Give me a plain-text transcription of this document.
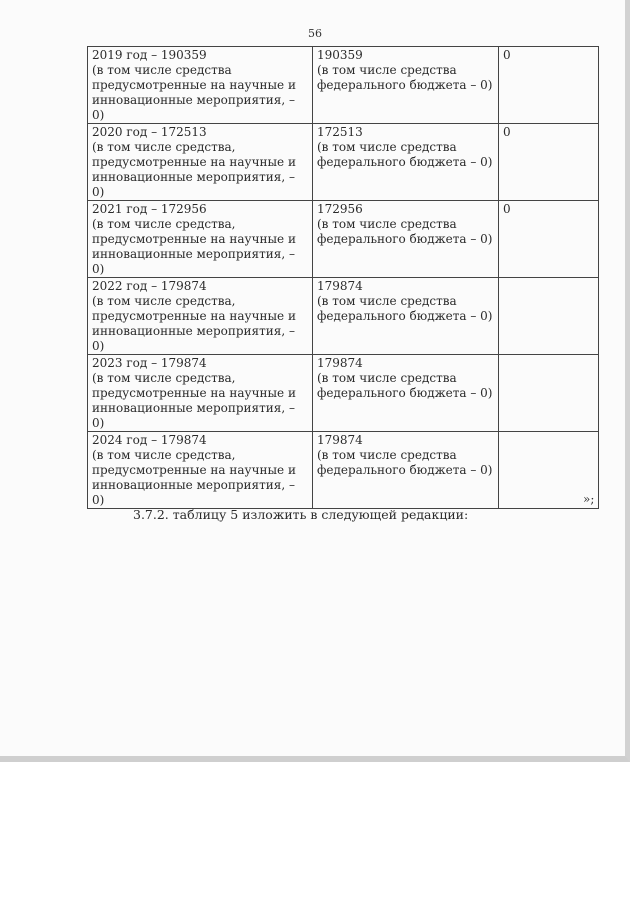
56
2019 год – 190359
(в том числе средства
предусмотренные на научные и
инновационные мероприятия, –
0)	190359
(в том числе средства
федерального бюджета – 0)	0

2020 год – 172513
(в том числе средства,
предусмотренные на научные и
инновационные мероприятия, –
0)	172513
(в том числе средства
федерального бюджета – 0)	0

2021 год – 172956
(в том числе средства,
предусмотренные на научные и
инновационные мероприятия, –
0)	172956
(в том числе средства
федерального бюджета – 0)	0

2022 год – 179874
(в том числе средства,
предусмотренные на научные и
инновационные мероприятия, –
0)	179874
(в том числе средства
федерального бюджета – 0)	

2023 год – 179874
(в том числе средства,
предусмотренные на научные и
инновационные мероприятия, –
0)	179874
(в том числе средства
федерального бюджета – 0)	

2024 год – 179874
(в том числе средства,
предусмотренные на научные и
инновационные мероприятия, –
0)	179874
(в том числе средства
федерального бюджета – 0)	

»;
3.7.2. таблицу 5 изложить в следующей редакции:
